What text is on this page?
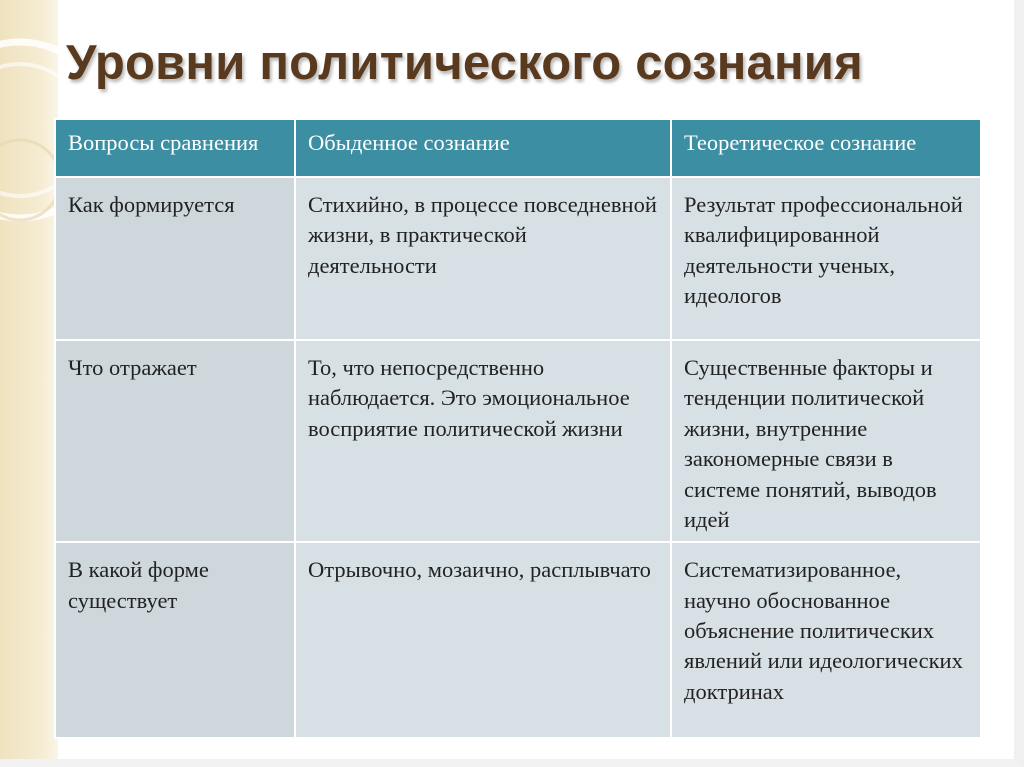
Уровни политического сознания
Вопросы сравнения	Обыденное сознание	Теоретическое сознание
Как формируется	Стихийно, в процессе повседневной жизни, в практической деятельности	Результат профессиональной квалифицированной деятельности ученых, идеологов
Что отражает	То, что непосредственно наблюдается. Это эмоциональное восприятие политической жизни	Существенные факторы и тенденции политической жизни, внутренние закономерные связи в системе понятий, выводов идей
В какой форме существует	Отрывочно, мозаично, расплывчато	Систематизированное, научно обоснованное объяснение политических явлений или идеологических доктринах
